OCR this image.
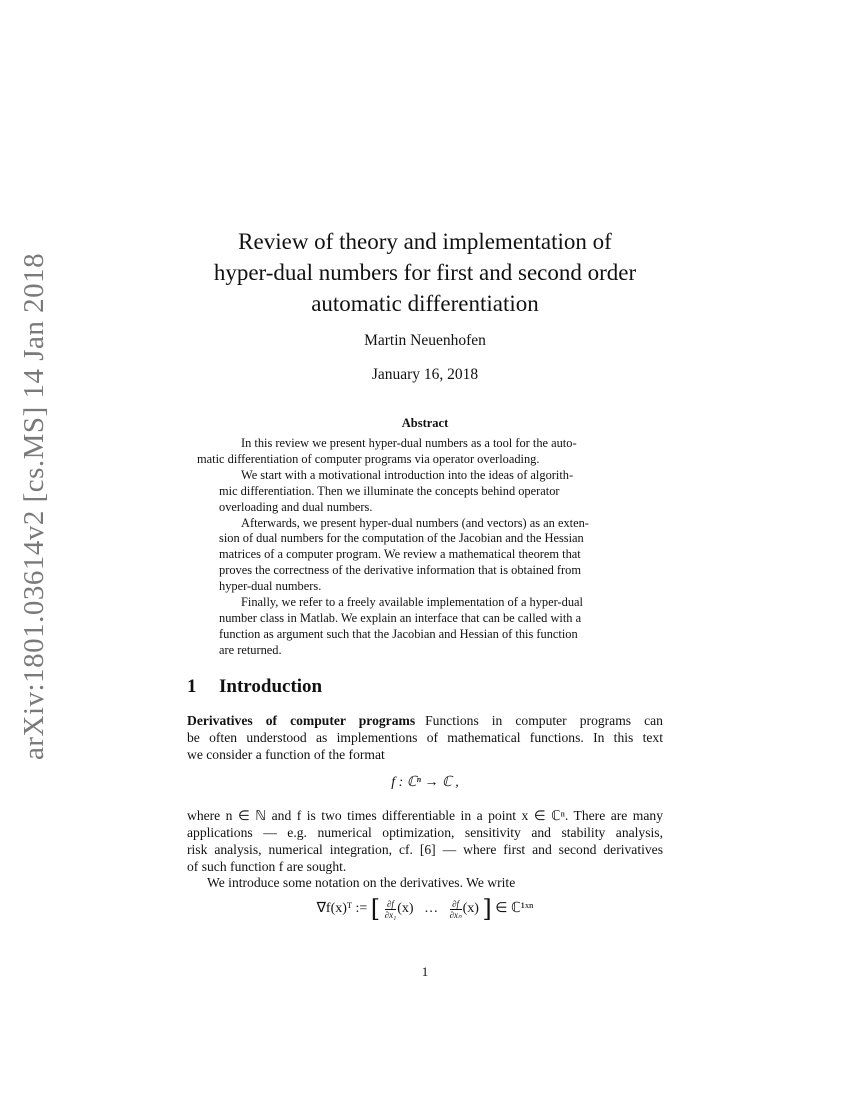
arXiv:1801.03614v2 [cs.MS] 14 Jan 2018
Review of theory and implementation of
hyper-dual numbers for first and second order
automatic differentiation
Martin Neuenhofen
January 16, 2018
Abstract

In this review we present hyper-dual numbers as a tool for the auto-
matic differentiation of computer programs via operator overloading.

We start with a motivational introduction into the ideas of algorith-
mic differentiation. Then we illuminate the concepts behind operator
overloading and dual numbers.

Afterwards, we present hyper-dual numbers (and vectors) as an exten-
sion of dual numbers for the computation of the Jacobian and the Hessian
matrices of a computer program. We review a mathematical theorem that
proves the correctness of the derivative information that is obtained from
hyper-dual numbers.

Finally, we refer to a freely available implementation of a hyper-dual
number class in Matlab. We explain an interface that can be called with a
function as argument such that the Jacobian and Hessian of this function
are returned.

1 Introduction
Derivatives of computer programs Functions in computer programs can
be often understood as implementions of mathematical functions. In this text
we consider a function of the format
f : ℂⁿ → ℂ ,
where n ∈ ℕ and f is two times differentiable in a point x ∈ ℂⁿ. There are many
applications — e.g. numerical optimization, sensitivity and stability analysis,
risk analysis, numerical integration, cf. [6] — where first and second derivatives
of such function f are sought.
We introduce some notation on the derivatives. We write
∇f(x)ᵀ := [ $\frac{\partial f}{\text{∂x₁}} (x)$ … $\frac{\partial f}{\text{∂xₙ}} (x)$ ] ∈ ℂ¹ˣⁿ
1
